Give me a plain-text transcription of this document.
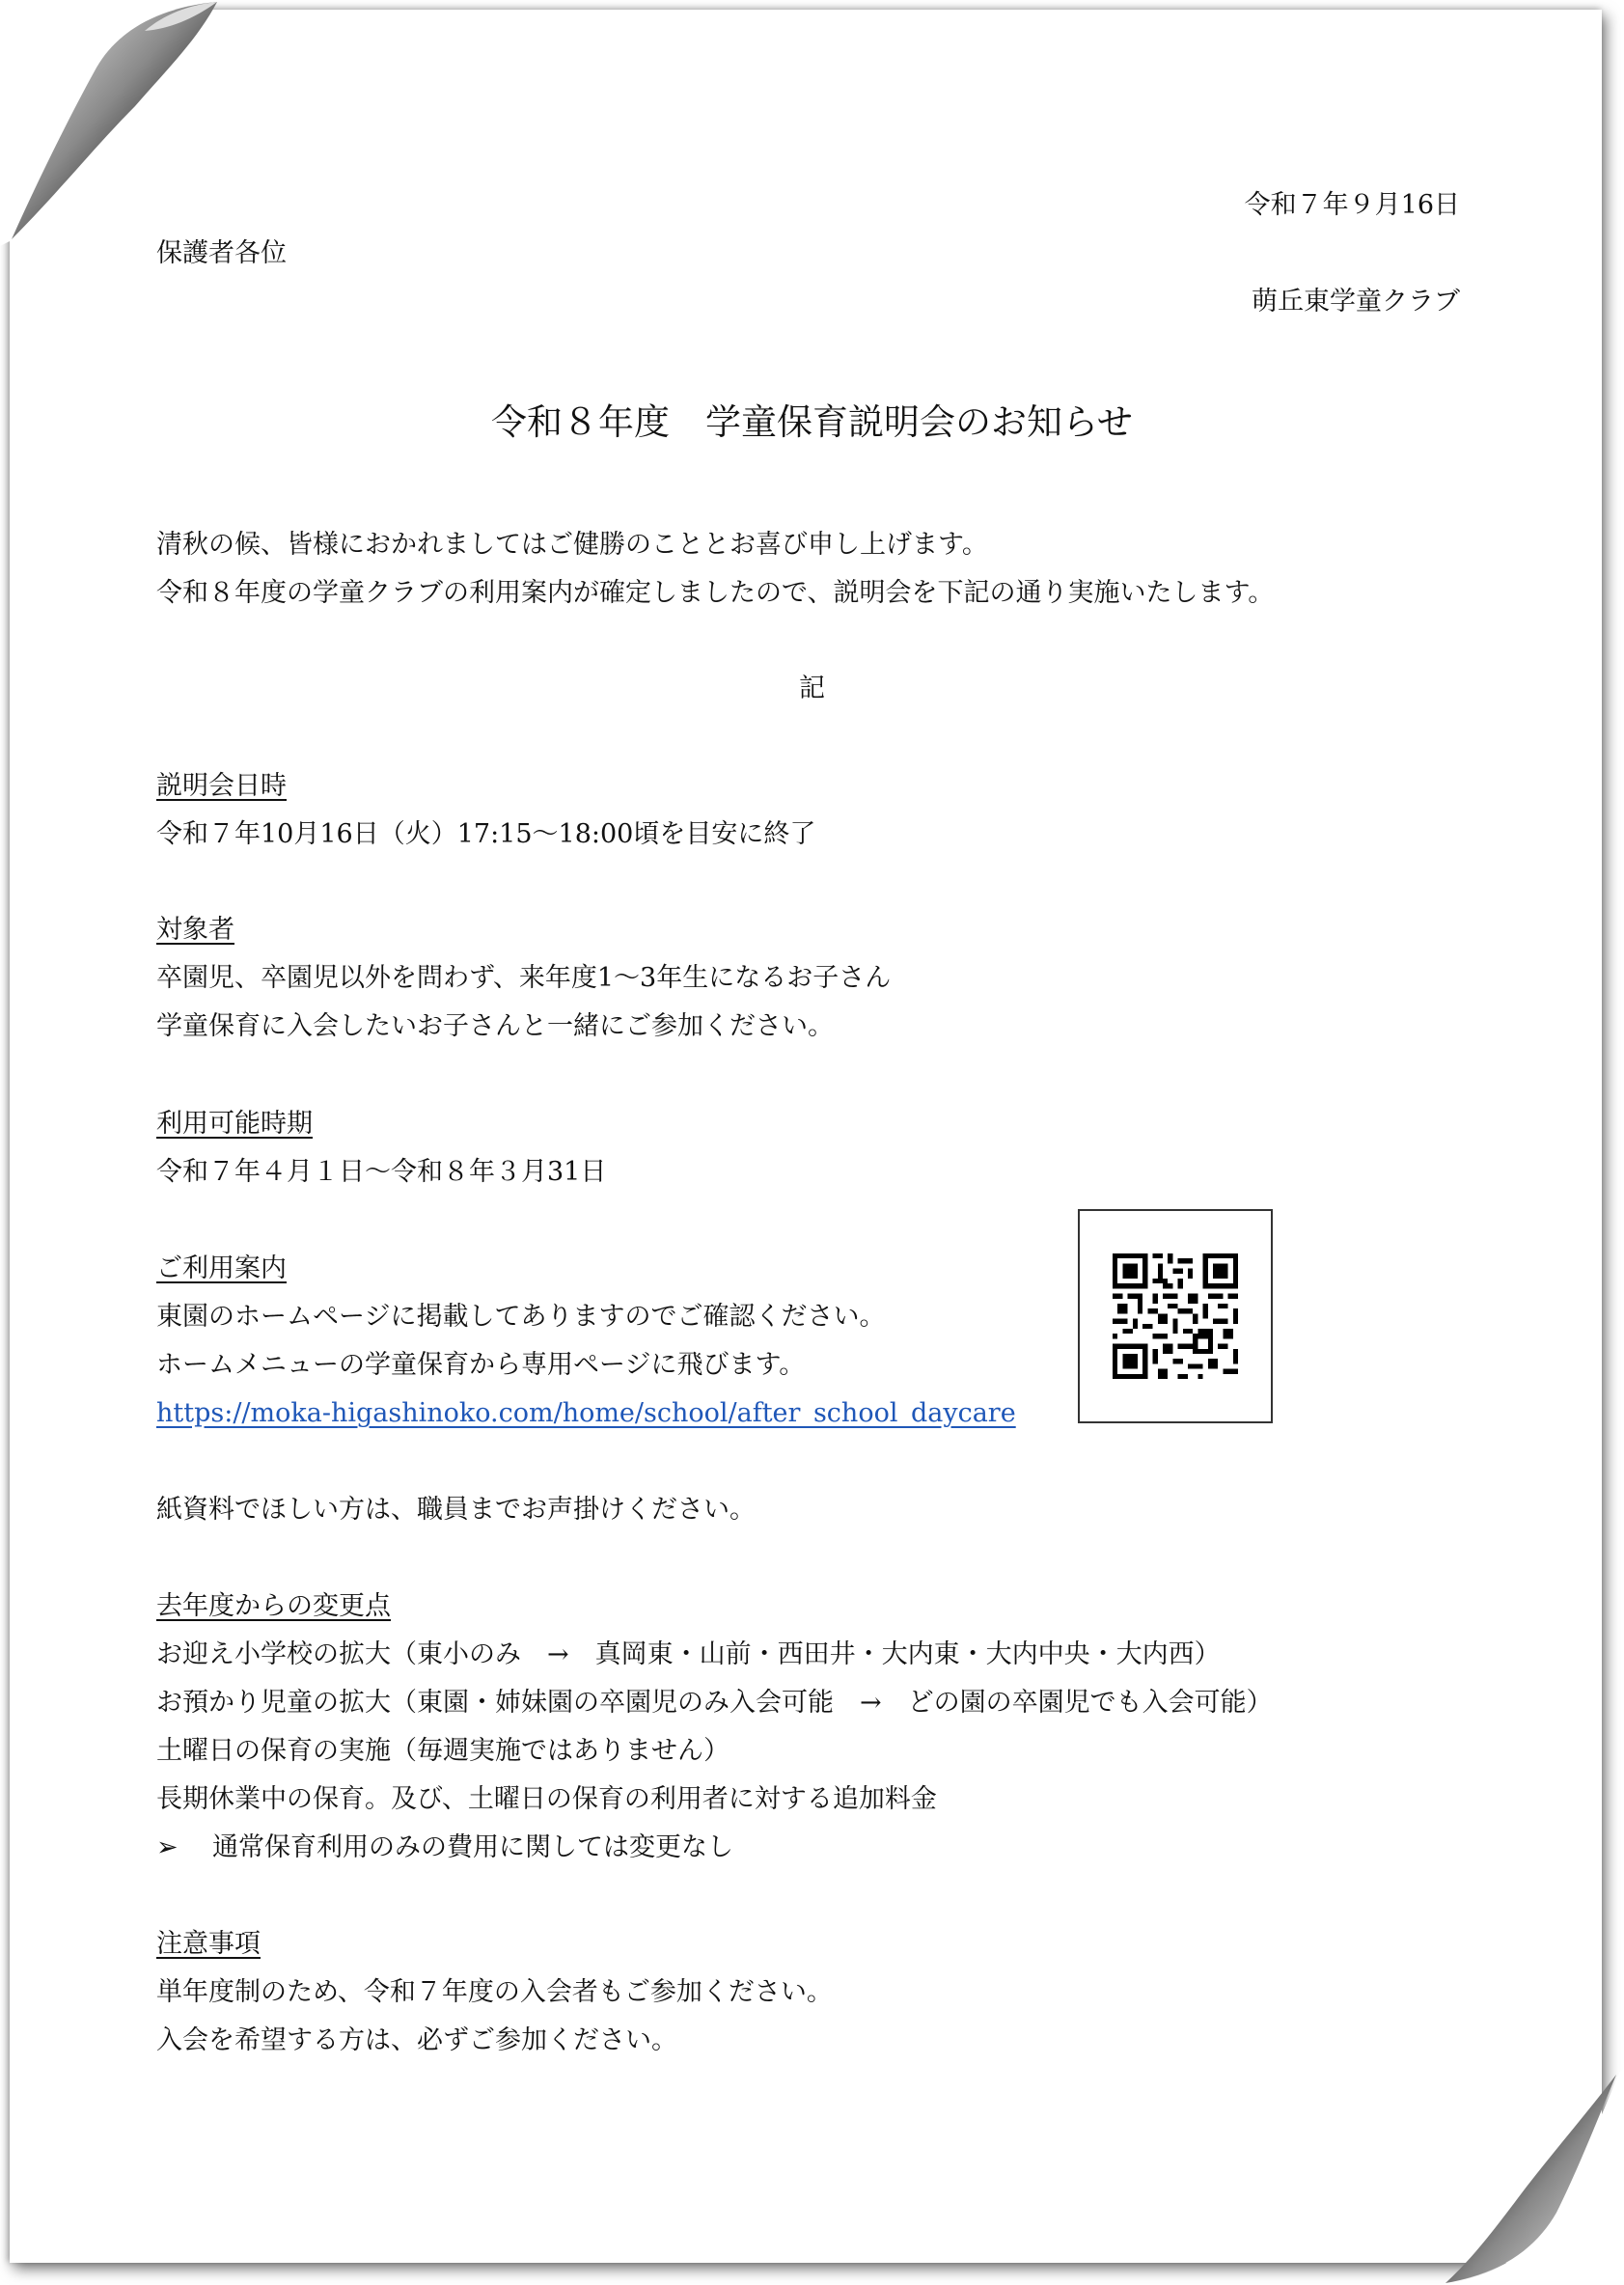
令和７年９月16日
保護者各位
萌丘東学童クラブ
令和８年度　学童保育説明会のお知らせ
清秋の候、皆様におかれましてはご健勝のこととお喜び申し上げます。
令和８年度の学童クラブの利用案内が確定しましたので、説明会を下記の通り実施いたします。
記
説明会日時
令和７年10月16日（火）17:15～18:00頃を目安に終了
対象者
卒園児、卒園児以外を問わず、来年度1～3年生になるお子さん
学童保育に入会したいお子さんと一緒にご参加ください。
利用可能時期
令和７年４月１日～令和８年３月31日
ご利用案内
東園のホームページに掲載してありますのでご確認ください。
ホームメニューの学童保育から専用ページに飛びます。
https://moka-higashinoko.com/home/school/after_school_daycare
紙資料でほしい方は、職員までお声掛けください。
去年度からの変更点
お迎え小学校の拡大（東小のみ　→　真岡東・山前・西田井・大内東・大内中央・大内西）
お預かり児童の拡大（東園・姉妹園の卒園児のみ入会可能　→　どの園の卒園児でも入会可能）
土曜日の保育の実施（毎週実施ではありません）
長期休業中の保育。及び、土曜日の保育の利用者に対する追加料金
➢ 通常保育利用のみの費用に関しては変更なし
注意事項
単年度制のため、令和７年度の入会者もご参加ください。
入会を希望する方は、必ずご参加ください。
